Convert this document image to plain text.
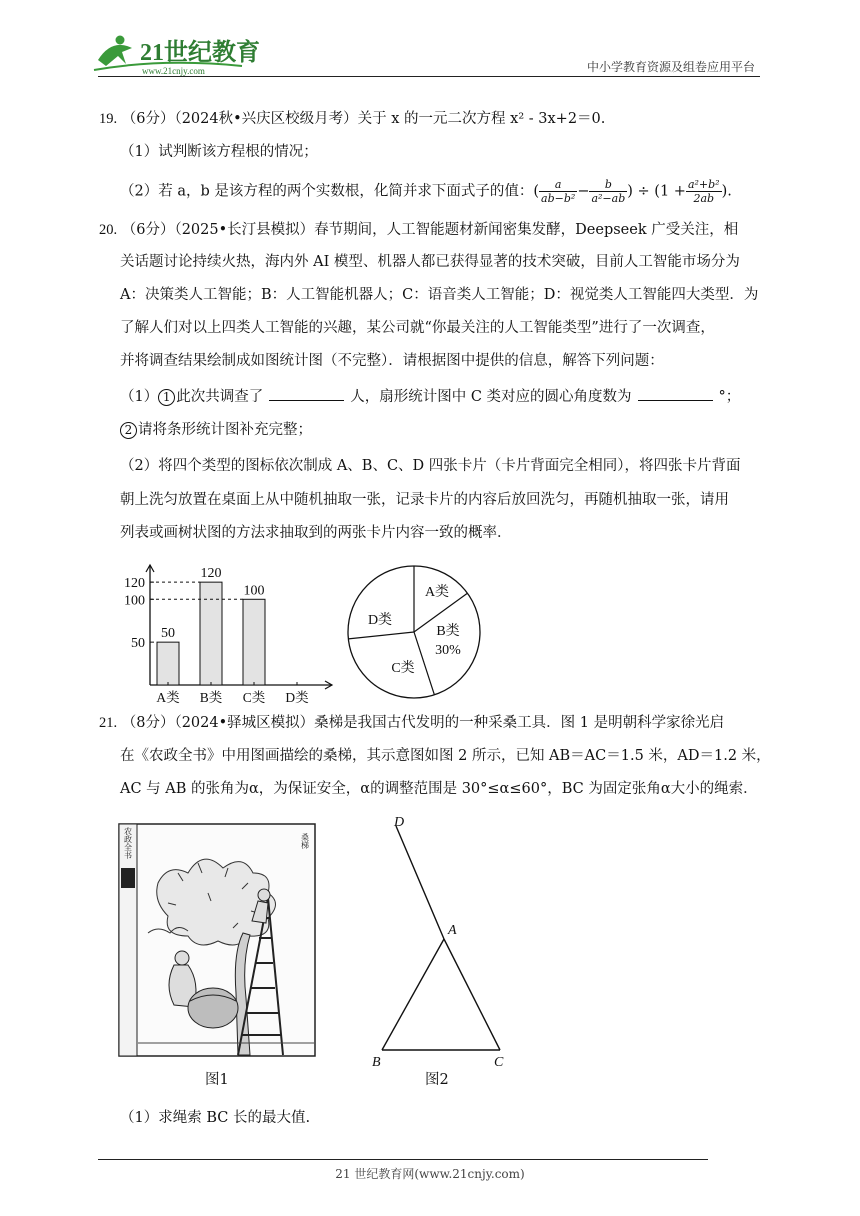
21世纪教育
www.21cnjy.com	中小学教育资源及组卷应用平台
19. （6分）（2024秋•兴庆区校级月考）关于 x 的一元二次方程 x² - 3x+2＝0.
（1）试判断该方程根的情况；
（2）若 a，b 是该方程的两个实数根，化简并求下面式子的值：( $\frac{a}{\text{ab−b²}} - \frac{b}{\text{a²−ab}}$ ) ÷ ($1 + \frac{\text{a²+b²}}{2ab}$ ).
20. （6分）（2025•长汀县模拟）春节期间，人工智能题材新闻密集发酵，Deepseek 广受关注，相
关话题讨论持续火热，海内外 AI 模型、机器人都已获得显著的技术突破，目前人工智能市场分为
A：决策类人工智能；B：人工智能机器人；C：语音类人工智能；D：视觉类人工智能四大类型．为
了解人们对以上四类人工智能的兴趣，某公司就“你最关注的人工智能类型”进行了一次调查，
并将调查结果绘制成如图统计图（不完整）．请根据图中提供的信息，解答下列问题：
（1） 1 此次共调查了	人，扇形统计图中 C 类对应的圆心角度数为	°；
2 请将条形统计图补充完整；
（2）将四个类型的图标依次制成 A、B、C、D 四张卡片（卡片背面完全相同），将四张卡片背面
朝上洗匀放置在桌面上从中随机抽取一张，记录卡片的内容后放回洗匀，再随机抽取一张，请用
列表或画树状图的方法求抽取到的两张卡片内容一致的概率．
50
A类
120
B类
100
C类 D类
50
100
120
A类
B类
C类
D类
30%
21. （8分）（2024•驿城区模拟）桑梯是我国古代发明的一种采桑工具．图 1 是明朝科学家徐光启
在《农政全书》中用图画描绘的桑梯，其示意图如图 2 所示，已知 AB＝AC＝1.5 米，AD＝1.2 米，
AC 与 AB 的张角为α，为保证安全，α的调整范围是 30°≤α≤60°，BC 为固定张角α大小的绳索．
农政全书	桑梯
图1
D
A
B	C
图2
（1）求绳索 BC 长的最大值.
21 世纪教育网(www.21cnjy.com)
